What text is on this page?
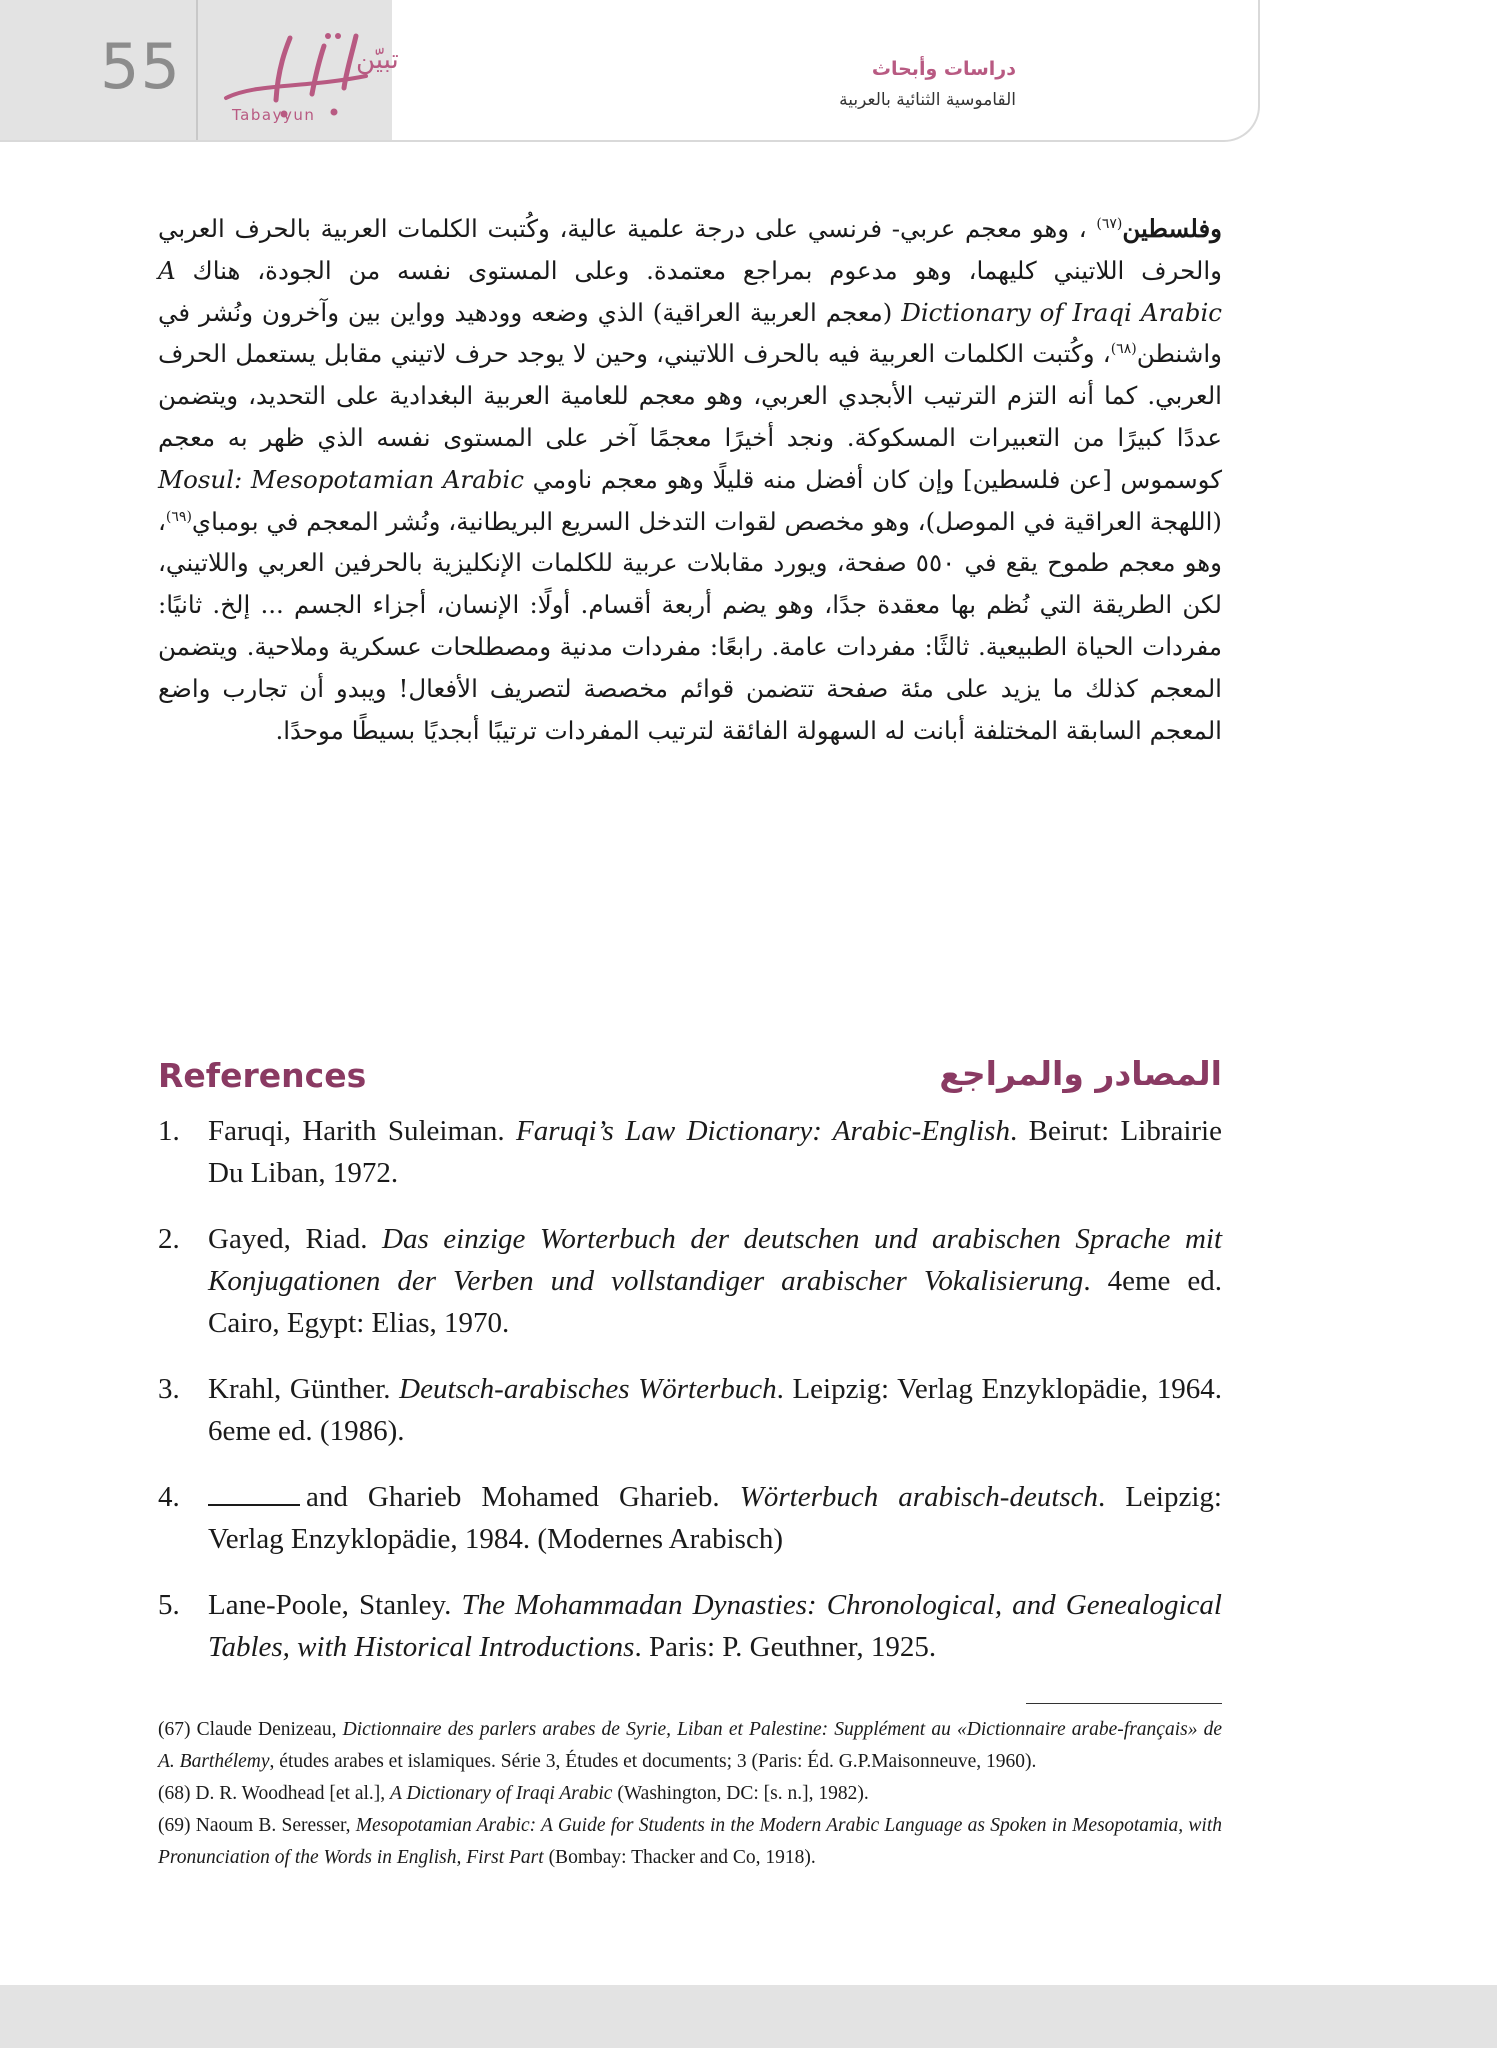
55	تبيّن
Tabayyun
دراسات وأبحاث
القاموسية الثنائية بالعربية
وفلسطين$^{(٦٧)}$ ، وهو معجم عربي- فرنسي على درجة علمية عالية، وكُتبت الكلمات العربية بالحرف العربي والحرف اللاتيني كليهما، وهو مدعوم بمراجع معتمدة. وعلى المستوى نفسه من الجودة، هناك A Dictionary of Iraqi Arabic (معجم العربية العراقية) الذي وضعه وودهيد وواين بين وآخرون ونُشر في واشنطن$^{(٦٨)}$، وكُتبت الكلمات العربية فيه بالحرف اللاتيني، وحين لا يوجد حرف لاتيني مقابل يستعمل الحرف العربي. كما أنه التزم الترتيب الأبجدي العربي، وهو معجم للعامية العربية البغدادية على التحديد، ويتضمن عددًا كبيرًا من التعبيرات المسكوكة. ونجد أخيرًا معجمًا آخر على المستوى نفسه الذي ظهر به معجم كوسموس [عن فلسطين] وإن كان أفضل منه قليلًا وهو معجم ناومي Mosul: Mesopotamian Arabic (اللهجة العراقية في الموصل)، وهو مخصص لقوات التدخل السريع البريطانية، ونُشر المعجم في بومباي$^{(٦٩)}$، وهو معجم طموح يقع في ٥٥٠ صفحة، ويورد مقابلات عربية للكلمات الإنكليزية بالحرفين العربي واللاتيني، لكن الطريقة التي نُظم بها معقدة جدًا، وهو يضم أربعة أقسام. أولًا: الإنسان، أجزاء الجسم ... إلخ. ثانيًا: مفردات الحياة الطبيعية. ثالثًا: مفردات عامة. رابعًا: مفردات مدنية ومصطلحات عسكرية وملاحية. ويتضمن المعجم كذلك ما يزيد على مئة صفحة تتضمن قوائم مخصصة لتصريف الأفعال! ويبدو أن تجارب واضع المعجم السابقة المختلفة أبانت له السهولة الفائقة لترتيب المفردات ترتيبًا أبجديًا بسيطًا موحدًا.
References	المصادر والمراجع
1. Faruqi, Harith Suleiman. Faruqi’s Law Dictionary: Arabic-English. Beirut: Librairie Du Liban, 1972.
2. Gayed, Riad. Das einzige Worterbuch der deutschen und arabischen Sprache mit Konjugationen der Verben und vollstandiger arabischer Vokalisierung. 4eme ed. Cairo, Egypt: Elias, 1970.
3. Krahl, Günther. Deutsch-arabisches Wörterbuch. Leipzig: Verlag Enzyklopädie, 1964. 6eme ed. (1986).
4.	and Gharieb Mohamed Gharieb. Wörterbuch arabisch-deutsch. Leipzig: Verlag Enzyklopädie, 1984. (Modernes Arabisch)
5. Lane-Poole, Stanley. The Mohammadan Dynasties: Chronological, and Genealogical Tables, with Historical Introductions. Paris: P. Geuthner, 1925.

(67) Claude Denizeau, Dictionnaire des parlers arabes de Syrie, Liban et Palestine: Supplément au «Dictionnaire arabe-français» de A. Barthélemy, études arabes et islamiques. Série 3, Études et documents; 3 (Paris: Éd. G.P.Maisonneuve, 1960).

(68) D. R. Woodhead [et al.], A Dictionary of Iraqi Arabic (Washington, DC: [s. n.], 1982).

(69) Naoum B. Seresser, Mesopotamian Arabic: A Guide for Students in the Modern Arabic Language as Spoken in Mesopotamia, with Pronunciation of the Words in English, First Part (Bombay: Thacker and Co, 1918).
